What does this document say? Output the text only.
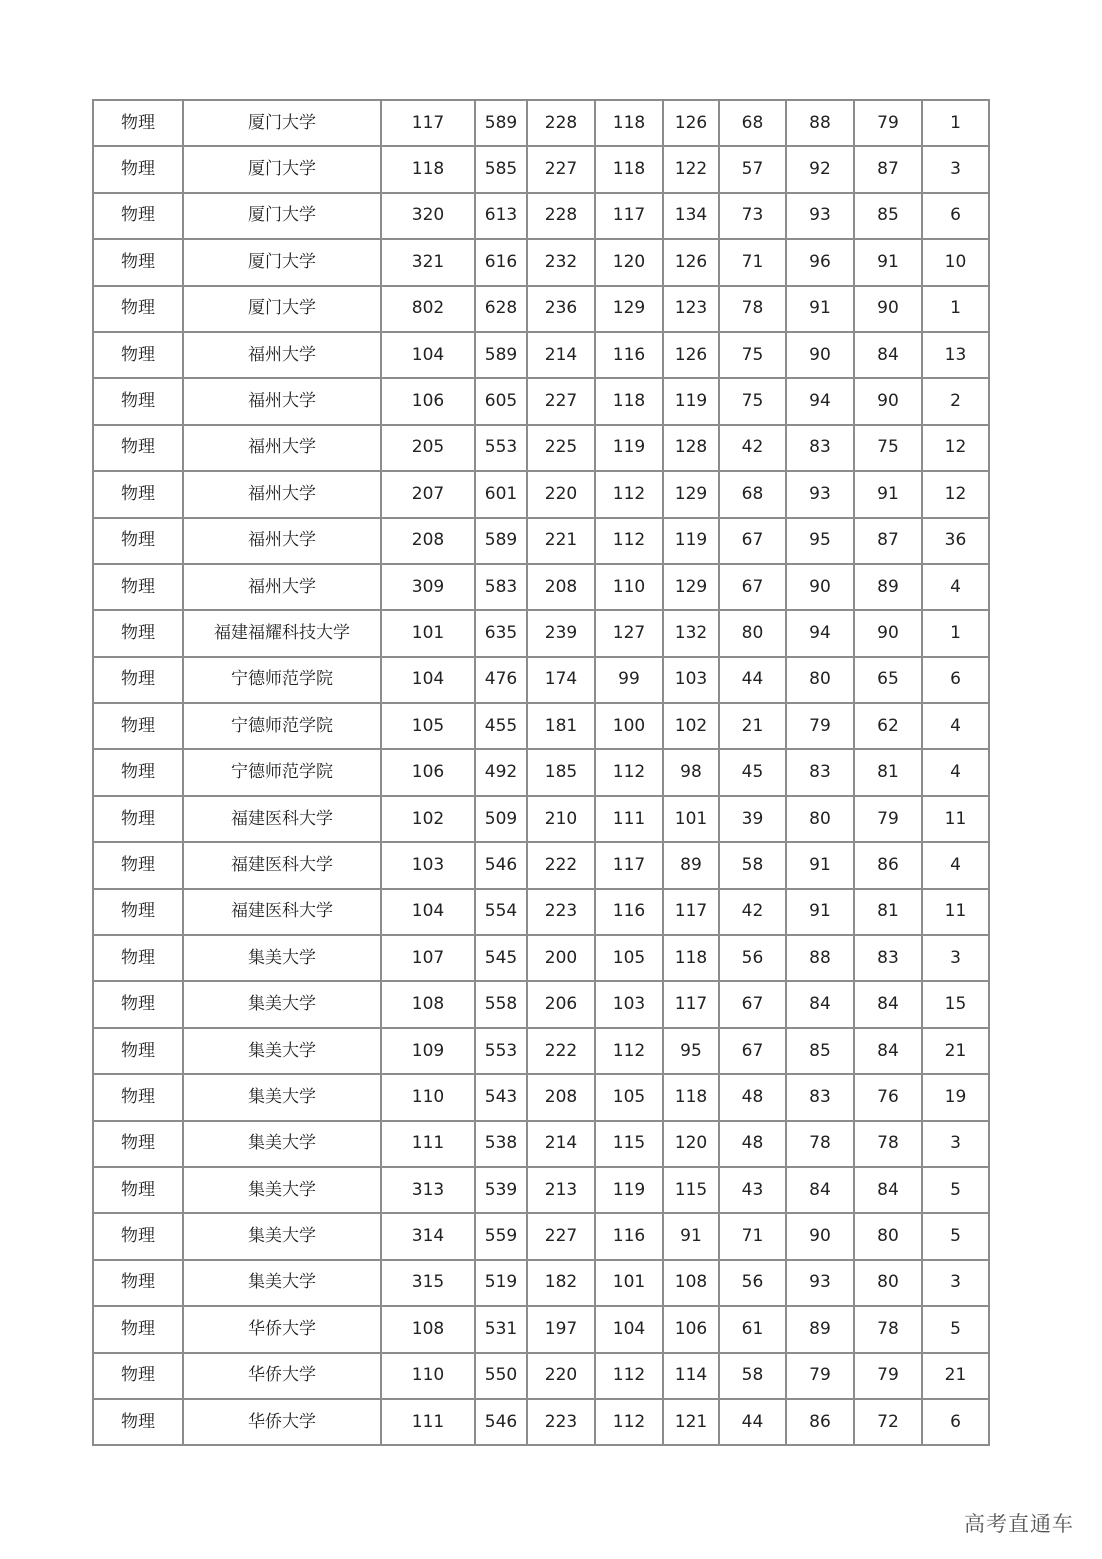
物理	厦门大学	117	589	228	118	126	68	88	79	1
物理	厦门大学	118	585	227	118	122	57	92	87	3
物理	厦门大学	320	613	228	117	134	73	93	85	6
物理	厦门大学	321	616	232	120	126	71	96	91	10
物理	厦门大学	802	628	236	129	123	78	91	90	1
物理	福州大学	104	589	214	116	126	75	90	84	13
物理	福州大学	106	605	227	118	119	75	94	90	2
物理	福州大学	205	553	225	119	128	42	83	75	12
物理	福州大学	207	601	220	112	129	68	93	91	12
物理	福州大学	208	589	221	112	119	67	95	87	36
物理	福州大学	309	583	208	110	129	67	90	89	4
物理	福建福耀科技大学	101	635	239	127	132	80	94	90	1
物理	宁德师范学院	104	476	174	99	103	44	80	65	6
物理	宁德师范学院	105	455	181	100	102	21	79	62	4
物理	宁德师范学院	106	492	185	112	98	45	83	81	4
物理	福建医科大学	102	509	210	111	101	39	80	79	11
物理	福建医科大学	103	546	222	117	89	58	91	86	4
物理	福建医科大学	104	554	223	116	117	42	91	81	11
物理	集美大学	107	545	200	105	118	56	88	83	3
物理	集美大学	108	558	206	103	117	67	84	84	15
物理	集美大学	109	553	222	112	95	67	85	84	21
物理	集美大学	110	543	208	105	118	48	83	76	19
物理	集美大学	111	538	214	115	120	48	78	78	3
物理	集美大学	313	539	213	119	115	43	84	84	5
物理	集美大学	314	559	227	116	91	71	90	80	5
物理	集美大学	315	519	182	101	108	56	93	80	3
物理	华侨大学	108	531	197	104	106	61	89	78	5
物理	华侨大学	110	550	220	112	114	58	79	79	21
物理	华侨大学	111	546	223	112	121	44	86	72	6
高考直通车
